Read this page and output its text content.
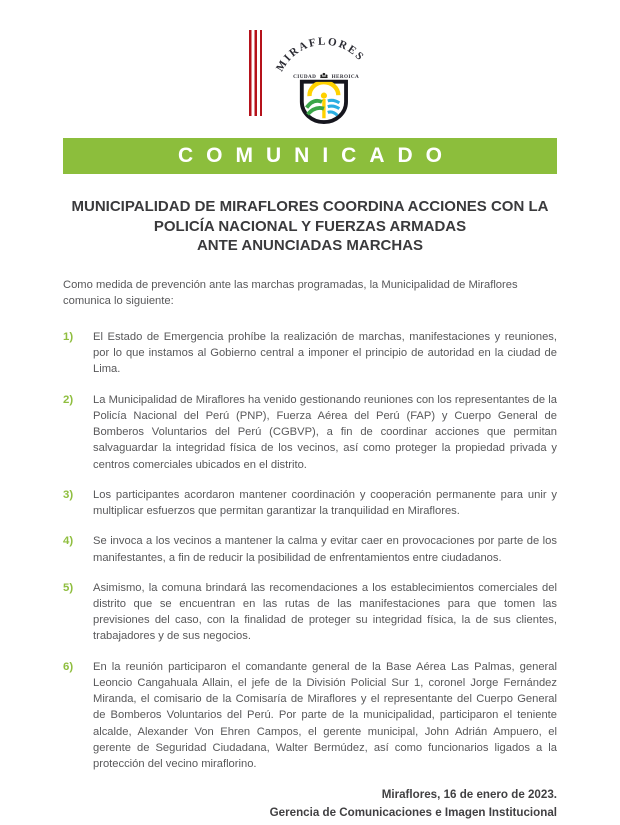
MIRAFLORES
CIUDAD	HEROICA
COMUNICADO
MUNICIPALIDAD DE MIRAFLORES COORDINA ACCIONES CON LA
POLICÍA NACIONAL Y FUERZAS ARMADAS
ANTE ANUNCIADAS MARCHAS

Como medida de prevención ante las marchas programadas, la Municipalidad de Miraflores comunica lo siguiente:

1)	El Estado de Emergencia prohíbe la realización de marchas, manifestaciones y reuniones, por lo que instamos al Gobierno central a imponer el principio de autoridad en la ciudad de Lima.
2)	La Municipalidad de Miraflores ha venido gestionando reuniones con los representantes de la Policía Nacional del Perú (PNP), Fuerza Aérea del Perú (FAP) y Cuerpo General de Bomberos Voluntarios del Perú (CGBVP), a fin de coordinar acciones que permitan salvaguardar la integridad física de los vecinos, así como proteger la propiedad privada y centros comerciales ubicados en el distrito.
3)	Los participantes acordaron mantener coordinación y cooperación permanente para unir y multiplicar esfuerzos que permitan garantizar la tranquilidad en Miraflores.
4)	Se invoca a los vecinos a mantener la calma y evitar caer en provocaciones por parte de los manifestantes, a fin de reducir la posibilidad de enfrentamientos entre ciudadanos.
5)	Asimismo, la comuna brindará las recomendaciones a los establecimientos comerciales del distrito que se encuentran en las rutas de las manifestaciones para que tomen las previsiones del caso, con la finalidad de proteger su integridad física, la de sus clientes, trabajadores y de sus negocios.
6)	En la reunión participaron el comandante general de la Base Aérea Las Palmas, general Leoncio Cangahuala Allain, el jefe de la División Policial Sur 1, coronel Jorge Fernández Miranda, el comisario de la Comisaría de Miraflores y el representante del Cuerpo General de Bomberos Voluntarios del Perú. Por parte de la municipalidad, participaron el teniente alcalde, Alexander Von Ehren Campos, el gerente municipal, John Adrián Ampuero, el gerente de Seguridad Ciudadana, Walter Bermúdez, así como funcionarios ligados a la protección del vecino miraflorino.
Miraflores, 16 de enero de 2023.
Gerencia de Comunicaciones e Imagen Institucional
